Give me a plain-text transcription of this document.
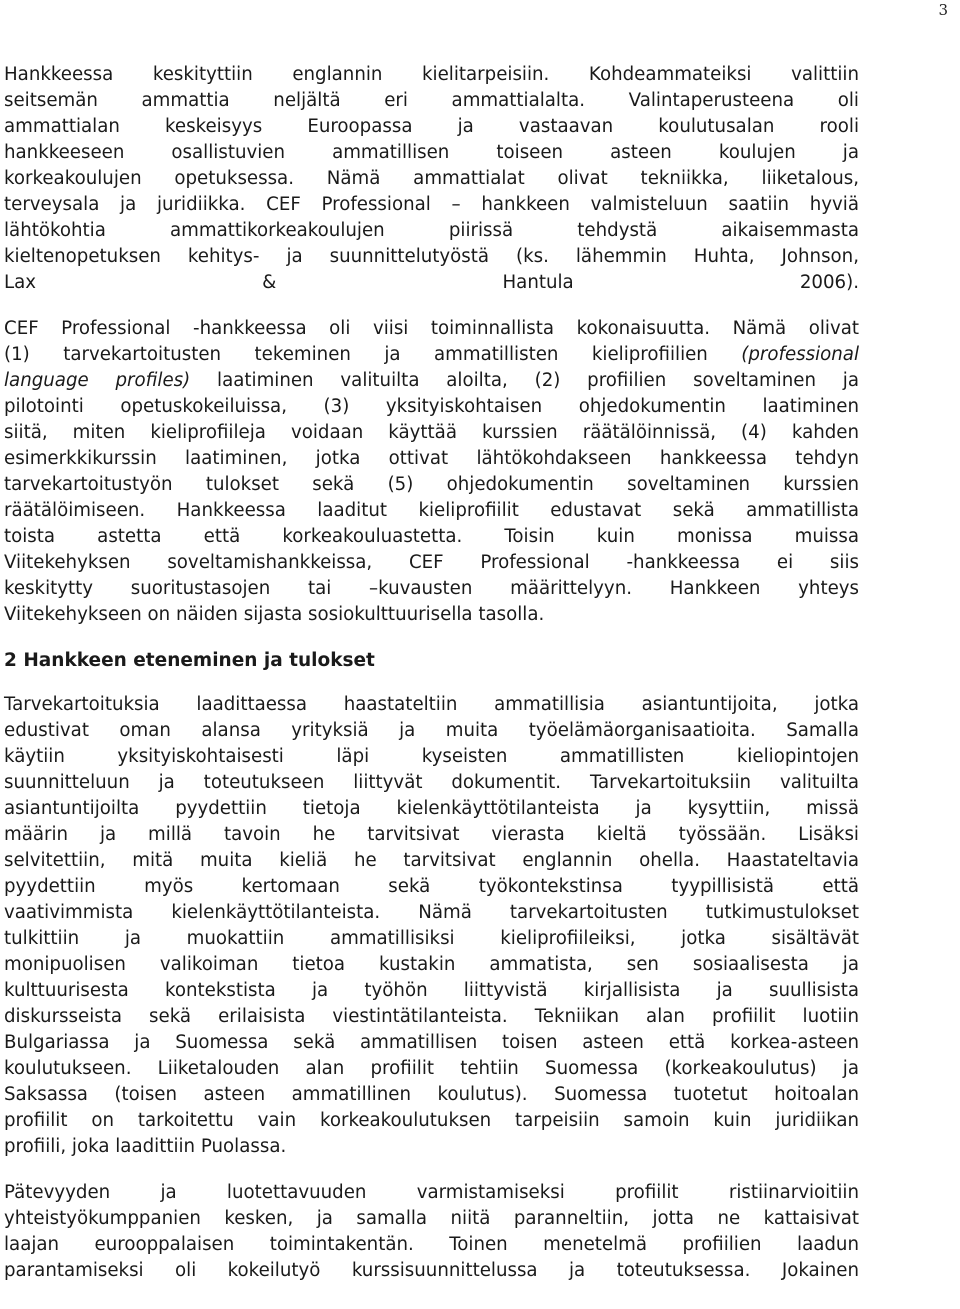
3
Hankkeessa keskityttiin englannin kielitarpeisiin. Kohdeammateiksi valittiin
seitsemän ammattia neljältä eri ammattialalta. Valintaperusteena oli
ammattialan keskeisyys Euroopassa ja vastaavan koulutusalan rooli
hankkeeseen osallistuvien ammatillisen toiseen asteen koulujen ja
korkeakoulujen opetuksessa. Nämä ammattialat olivat tekniikka, liiketalous,
terveysala ja juridiikka. CEF Professional – hankkeen valmisteluun saatiin hyviä
lähtökohtia ammattikorkeakoulujen piirissä tehdystä aikaisemmasta
kieltenopetuksen kehitys- ja suunnittelutyöstä (ks. lähemmin Huhta, Johnson,
Lax & Hantula 2006).
CEF Professional -hankkeessa oli viisi toiminnallista kokonaisuutta. Nämä olivat
(1) tarvekartoitusten tekeminen ja ammatillisten kieliprofiilien (professional
language profiles) laatiminen valituilta aloilta, (2) profiilien soveltaminen ja
pilotointi opetuskokeiluissa, (3) yksityiskohtaisen ohjedokumentin laatiminen
siitä, miten kieliprofiileja voidaan käyttää kurssien räätälöinnissä, (4) kahden
esimerkkikurssin laatiminen, jotka ottivat lähtökohdakseen hankkeessa tehdyn
tarvekartoitustyön tulokset sekä (5) ohjedokumentin soveltaminen kurssien
räätälöimiseen. Hankkeessa laaditut kieliprofiilit edustavat sekä ammatillista
toista astetta että korkeakouluastetta. Toisin kuin monissa muissa
Viitekehyksen soveltamishankkeissa, CEF Professional -hankkeessa ei siis
keskitytty suoritustasojen tai –kuvausten määrittelyyn. Hankkeen yhteys
Viitekehykseen on näiden sijasta sosiokulttuurisella tasolla.
2 Hankkeen eteneminen ja tulokset
Tarvekartoituksia laadittaessa haastateltiin ammatillisia asiantuntijoita, jotka
edustivat oman alansa yrityksiä ja muita työelämäorganisaatioita. Samalla
käytiin yksityiskohtaisesti läpi kyseisten ammatillisten kieliopintojen
suunnitteluun ja toteutukseen liittyvät dokumentit. Tarvekartoituksiin valituilta
asiantuntijoilta pyydettiin tietoja kielenkäyttötilanteista ja kysyttiin, missä
määrin ja millä tavoin he tarvitsivat vierasta kieltä työssään. Lisäksi
selvitettiin, mitä muita kieliä he tarvitsivat englannin ohella. Haastateltavia
pyydettiin myös kertomaan sekä työkontekstinsa tyypillisistä että
vaativimmista kielenkäyttötilanteista. Nämä tarvekartoitusten tutkimustulokset
tulkittiin ja muokattiin ammatillisiksi kieliprofiileiksi, jotka sisältävät
monipuolisen valikoiman tietoa kustakin ammatista, sen sosiaalisesta ja
kulttuurisesta kontekstista ja työhön liittyvistä kirjallisista ja suullisista
diskursseista sekä erilaisista viestintätilanteista. Tekniikan alan profiilit luotiin
Bulgariassa ja Suomessa sekä ammatillisen toisen asteen että korkea-asteen
koulutukseen. Liiketalouden alan profiilit tehtiin Suomessa (korkeakoulutus) ja
Saksassa (toisen asteen ammatillinen koulutus). Suomessa tuotetut hoitoalan
profiilit on tarkoitettu vain korkeakoulutuksen tarpeisiin samoin kuin juridiikan
profiili, joka laadittiin Puolassa.
Pätevyyden ja luotettavuuden varmistamiseksi profiilit ristiinarvioitiin
yhteistyökumppanien kesken, ja samalla niitä paranneltiin, jotta ne kattaisivat
laajan eurooppalaisen toimintakentän. Toinen menetelmä profiilien laadun
parantamiseksi oli kokeilutyö kurssisuunnittelussa ja toteutuksessa. Jokainen
